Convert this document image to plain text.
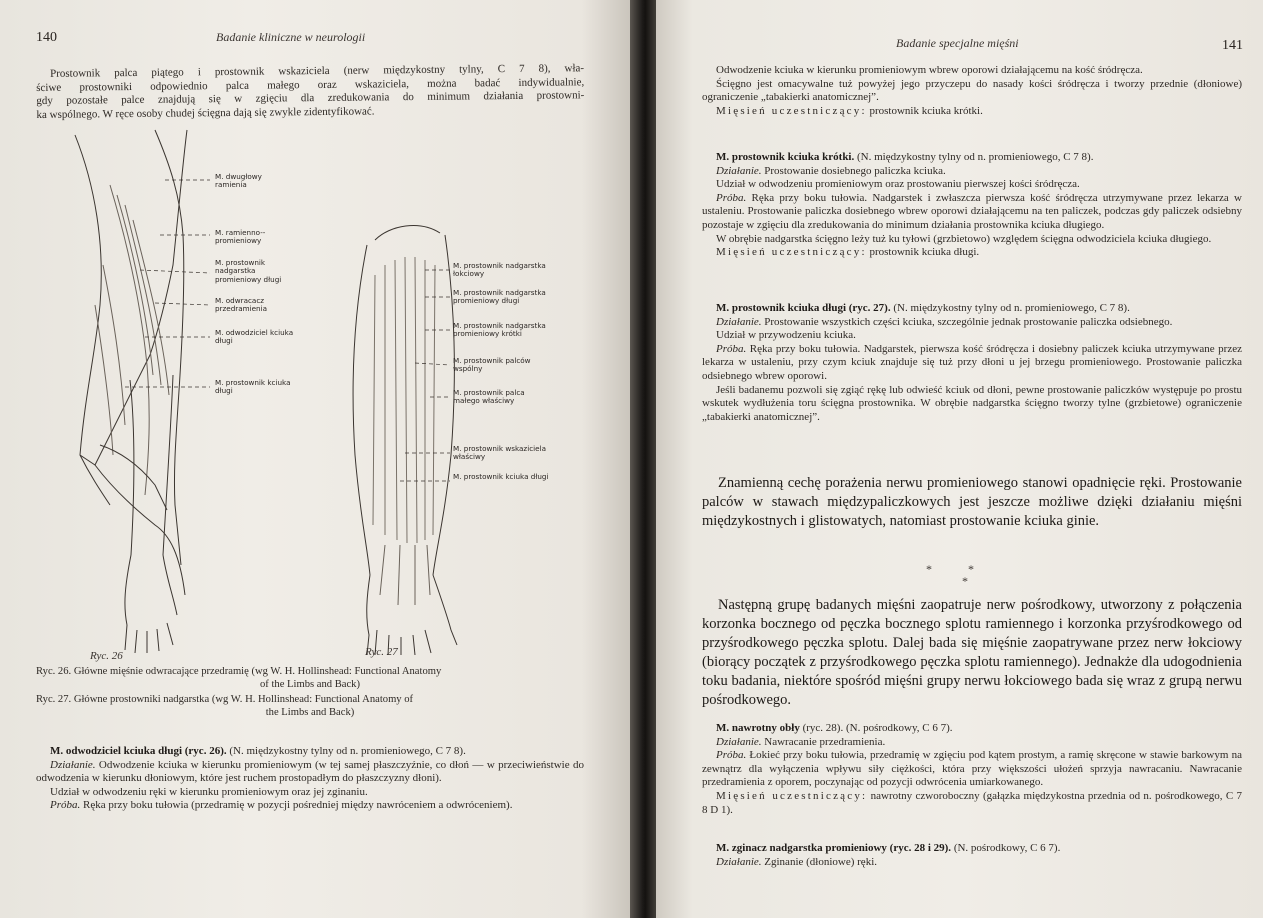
140	Badanie kliniczne w neurologii

Prostownik palca piątego i prostownik wskaziciela (nerw międzykostny tylny, C 7 8), wła-

ściwe prostowniki odpowiednio palca małego oraz wskaziciela, można badać indywidualnie,

gdy pozostałe palce znajdują się w zgięciu dla zredukowania do minimum działania prostowni-

ka wspólnego. W ręce osoby chudej ścięgna dają się zwykle zidentyfikować.

M. dwugłowy ramienia
M. ramienno--promieniowy
M. prostownik nadgarstka promieniowy długi
M. odwracacz przedramienia
M. odwodziciel kciuka długi
M. prostownik kciuka długi
M. prostownik nadgarstka łokciowy
M. prostownik nadgarstka promieniowy długi
M. prostownik nadgarstka promieniowy krótki
M. prostownik palców wspólny
M. prostownik palca małego właściwy
M. prostownik wskaziciela właściwy
M. prostownik kciuka długi
Ryc. 26	Ryc. 27
Ryc. 26. Główne mięśnie odwracające przedramię (wg W. H. Hollinshead: Functional Anatomy
of the Limbs and Back)
Ryc. 27. Główne prostowniki nadgarstka (wg W. H. Hollinshead: Functional Anatomy of
the Limbs and Back)

M. odwodziciel kciuka długi (ryc. 26). (N. międzykostny tylny od n. promieniowego, C 7 8).

Działanie. Odwodzenie kciuka w kierunku promieniowym (w tej samej płaszczyźnie, co dłoń — w przeciwieństwie do odwodzenia w kierunku dłoniowym, które jest ruchem prostopadłym do płaszczyzny dłoni).

Udział w odwodzeniu ręki w kierunku promieniowym oraz jej zginaniu.

Próba. Ręka przy boku tułowia (przedramię w pozycji pośredniej między nawróceniem a odwróceniem).

Badanie specjalne mięśni	141

Odwodzenie kciuka w kierunku promieniowym wbrew oporowi działającemu na kość śródręcza.

Ścięgno jest omacywalne tuż powyżej jego przyczepu do nasady kości śródręcza i tworzy przednie (dłoniowe) ograniczenie „tabakierki anatomicznej”.

Mięsień uczestniczący: prostownik kciuka krótki.

M. prostownik kciuka krótki. (N. międzykostny tylny od n. promieniowego, C 7 8).

Działanie. Prostowanie dosiebnego paliczka kciuka.

Udział w odwodzeniu promieniowym oraz prostowaniu pierwszej kości śródręcza.

Próba. Ręka przy boku tułowia. Nadgarstek i zwłaszcza pierwsza kość śródręcza utrzymywane przez lekarza w ustaleniu. Prostowanie paliczka dosiebnego wbrew oporowi działającemu na ten paliczek, podczas gdy paliczek odsiebny pozostaje w zgięciu dla zredukowania do minimum działania prostownika kciuka długiego.

W obrębie nadgarstka ścięgno leży tuż ku tyłowi (grzbietowo) względem ścięgna odwodziciela kciuka długiego.

Mięsień uczestniczący: prostownik kciuka długi.

M. prostownik kciuka długi (ryc. 27). (N. międzykostny tylny od n. promieniowego, C 7 8).

Działanie. Prostowanie wszystkich części kciuka, szczególnie jednak prostowanie paliczka odsiebnego.

Udział w przywodzeniu kciuka.

Próba. Ręka przy boku tułowia. Nadgarstek, pierwsza kość śródręcza i dosiebny paliczek kciuka utrzymywane przez lekarza w ustaleniu, przy czym kciuk znajduje się tuż przy dłoni u jej brzegu promieniowego. Prostowanie paliczka odsiebnego wbrew oporowi.

Jeśli badanemu pozwoli się zgiąć rękę lub odwieść kciuk od dłoni, pewne prostowanie paliczków występuje po prostu wskutek wydłużenia toru ścięgna prostownika. W obrębie nadgarstka ścięgno tworzy tylne (grzbietowe) ograniczenie „tabakierki anatomicznej”.

Znamienną cechę porażenia nerwu promieniowego stanowi opadnięcie ręki. Prostowanie palców w stawach międzypaliczkowych jest jeszcze możliwe dzięki działaniu mięśni międzykostnych i glistowatych, natomiast prostowanie kciuka ginie.

*            *
*

Następną grupę badanych mięśni zaopatruje nerw pośrodkowy, utworzony z połączenia korzonka bocznego od pęczka bocznego splotu ramiennego i korzonka przyśrodkowego od przyśrodkowego pęczka splotu. Dalej bada się mięśnie zaopatrywane przez nerw łokciowy (biorący początek z przyśrodkowego pęczka splotu ramiennego). Jednakże dla udogodnienia toku badania, niektóre spośród mięśni grupy nerwu łokciowego bada się wraz z grupą nerwu pośrodkowego.

M. nawrotny obły (ryc. 28). (N. pośrodkowy, C 6 7).

Działanie. Nawracanie przedramienia.

Próba. Łokieć przy boku tułowia, przedramię w zgięciu pod kątem prostym, a ramię skręcone w stawie barkowym na zewnątrz dla wyłączenia wpływu siły ciężkości, która przy większości ułożeń sprzyja nawracaniu. Nawracanie przedramienia z oporem, poczynając od pozycji odwrócenia umiarkowanego.

Mięsień uczestniczący: nawrotny czworoboczny (gałązka międzykostna przednia od n. pośrodkowego, C 7 8 D 1).

M. zginacz nadgarstka promieniowy (ryc. 28 i 29). (N. pośrodkowy, C 6 7).

Działanie. Zginanie (dłoniowe) ręki.
